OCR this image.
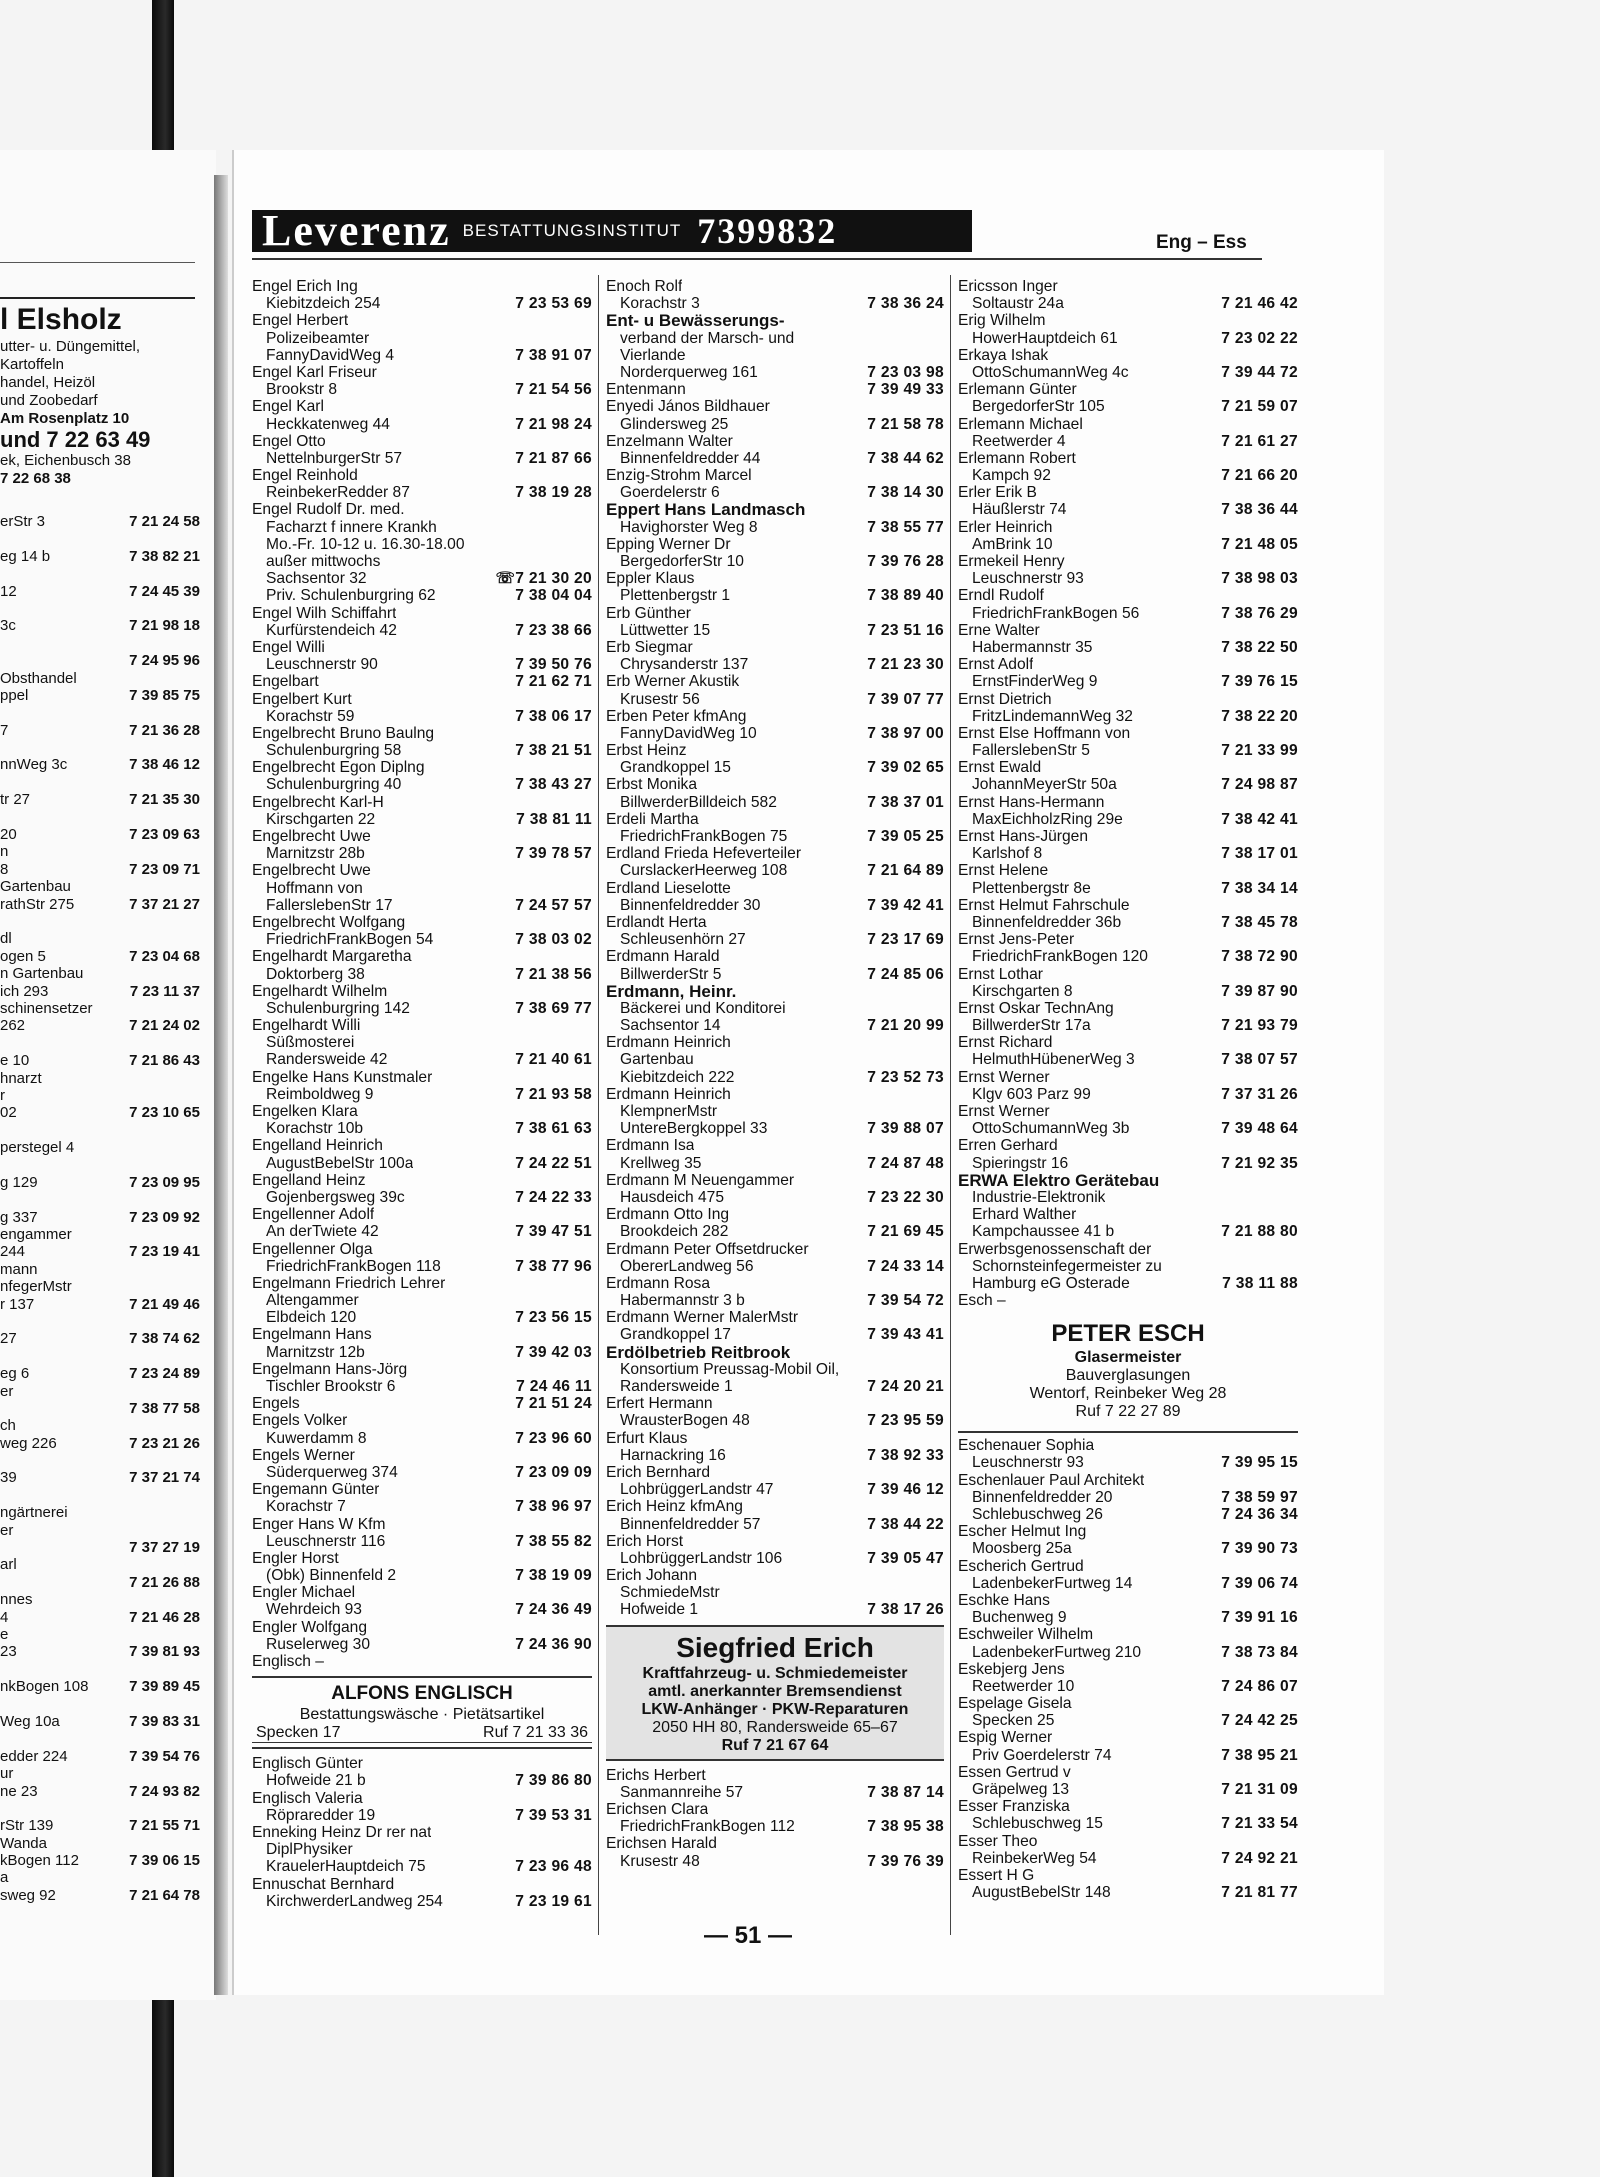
l Elsholz
utter- u. Düngemittel,
Kartoffeln
handel, Heizöl
und Zoobedarf
Am Rosenplatz 10
und 7 22 63 49
ek, Eichenbusch 38
7 22 68 38
erStr 3	7 21 24 58
eg 14 b	7 38 82 21
12	7 24 45 39
3c	7 21 98 18
7 24 95 96
Obsthandel
ppel	7 39 85 75
7	7 21 36 28
nnWeg 3c	7 38 46 12
tr 27	7 21 35 30
20	7 23 09 63
n
8	7 23 09 71
Gartenbau
rathStr 275	7 37 21 27
dl
ogen 5	7 23 04 68
n Gartenbau
ich 293	7 23 11 37
schinensetzer
262	7 21 24 02
e 10	7 21 86 43
hnarzt
r
02	7 23 10 65
perstegel 4
g 129	7 23 09 95
g 337	7 23 09 92
engammer
244	7 23 19 41
mann
nfegerMstr
r 137	7 21 49 46
27	7 38 74 62
eg 6	7 23 24 89
er
7 38 77 58
ch
weg 226	7 23 21 26
39	7 37 21 74
ngärtnerei
er
7 37 27 19
arl
7 21 26 88
nnes
4	7 21 46 28
e
23	7 39 81 93
nkBogen 108	7 39 89 45
Weg 10a	7 39 83 31
edder 224	7 39 54 76
ur
ne 23	7 24 93 82
rStr 139	7 21 55 71
Wanda
kBogen 112	7 39 06 15
a
sweg 92	7 21 64 78
Leverenz BESTATTUNGSINSTITUT 7399832	Eng – Ess
Engel Erich Ing
Kiebitzdeich 254	7 23 53 69
Engel Herbert
Polizeibeamter
FannyDavidWeg 4	7 38 91 07
Engel Karl Friseur
Brookstr 8	7 21 54 56
Engel Karl
Heckkatenweg 44	7 21 98 24
Engel Otto
NettelnburgerStr 57	7 21 87 66
Engel Reinhold
ReinbekerRedder 87	7 38 19 28
Engel Rudolf Dr. med.
Facharzt f innere Krankh
Mo.-Fr. 10-12 u. 16.30-18.00
außer mittwochs
Sachsentor 32	☏7 21 30 20
Priv. Schulenburgring 62	7 38 04 04
Engel Wilh Schiffahrt
Kurfürstendeich 42	7 23 38 66
Engel Willi
Leuschnerstr 90	7 39 50 76
Engelbart	7 21 62 71
Engelbert Kurt
Korachstr 59	7 38 06 17
Engelbrecht Bruno Baulng
Schulenburgring 58	7 38 21 51
Engelbrecht Egon Diplng
Schulenburgring 40	7 38 43 27
Engelbrecht Karl-H
Kirschgarten 22	7 38 81 11
Engelbrecht Uwe
Marnitzstr 28b	7 39 78 57
Engelbrecht Uwe
Hoffmann von
FallerslebenStr 17	7 24 57 57
Engelbrecht Wolfgang
FriedrichFrankBogen 54	7 38 03 02
Engelhardt Margaretha
Doktorberg 38	7 21 38 56
Engelhardt Wilhelm
Schulenburgring 142	7 38 69 77
Engelhardt Willi
Süßmosterei
Randersweide 42	7 21 40 61
Engelke Hans Kunstmaler
Reimboldweg 9	7 21 93 58
Engelken Klara
Korachstr 10b	7 38 61 63
Engelland Heinrich
AugustBebelStr 100a	7 24 22 51
Engelland Heinz
Gojenbergsweg 39c	7 24 22 33
Engellenner Adolf
An derTwiete 42	7 39 47 51
Engellenner Olga
FriedrichFrankBogen 118	7 38 77 96
Engelmann Friedrich Lehrer
Altengammer
Elbdeich 120	7 23 56 15
Engelmann Hans
Marnitzstr 12b	7 39 42 03
Engelmann Hans-Jörg
Tischler Brookstr 6	7 24 46 11
Engels	7 21 51 24
Engels Volker
Kuwerdamm 8	7 23 96 60
Engels Werner
Süderquerweg 374	7 23 09 09
Engemann Günter
Korachstr 7	7 38 96 97
Enger Hans W Kfm
Leuschnerstr 116	7 38 55 82
Engler Horst
(Obk) Binnenfeld 2	7 38 19 09
Engler Michael
Wehrdeich 93	7 24 36 49
Engler Wolfgang
Ruselerweg 30	7 24 36 90
Englisch –
ALFONS ENGLISCH
Bestattungswäsche · Pietätsartikel
Specken 17	Ruf 7 21 33 36
Englisch Günter
Hofweide 21 b	7 39 86 80
Englisch Valeria
Röpraredder 19	7 39 53 31
Enneking Heinz Dr rer nat
DiplPhysiker
KrauelerHauptdeich 75	7 23 96 48
Ennuschat Bernhard
KirchwerderLandweg 254	7 23 19 61
Enoch Rolf
Korachstr 3	7 38 36 24
Ent- u Bewässerungs-
verband der Marsch- und
Vierlande
Norderquerweg 161	7 23 03 98
Entenmann	7 39 49 33
Enyedi János Bildhauer
Glindersweg 25	7 21 58 78
Enzelmann Walter
Binnenfeldredder 44	7 38 44 62
Enzig-Strohm Marcel
Goerdelerstr 6	7 38 14 30
Eppert Hans Landmasch
Havighorster Weg 8	7 38 55 77
Epping Werner Dr
BergedorferStr 10	7 39 76 28
Eppler Klaus
Plettenbergstr 1	7 38 89 40
Erb Günther
Lüttwetter 15	7 23 51 16
Erb Siegmar
Chrysanderstr 137	7 21 23 30
Erb Werner Akustik
Krusestr 56	7 39 07 77
Erben Peter kfmAng
FannyDavidWeg 10	7 38 97 00
Erbst Heinz
Grandkoppel 15	7 39 02 65
Erbst Monika
BillwerderBilldeich 582	7 38 37 01
Erdeli Martha
FriedrichFrankBogen 75	7 39 05 25
Erdland Frieda Hefeverteiler
CurslackerHeerweg 108	7 21 64 89
Erdland Lieselotte
Binnenfeldredder 30	7 39 42 41
Erdlandt Herta
Schleusenhörn 27	7 23 17 69
Erdmann Harald
BillwerderStr 5	7 24 85 06
Erdmann, Heinr.
Bäckerei und Konditorei
Sachsentor 14	7 21 20 99
Erdmann Heinrich
Gartenbau
Kiebitzdeich 222	7 23 52 73
Erdmann Heinrich
KlempnerMstr
UntereBergkoppel 33	7 39 88 07
Erdmann Isa
Krellweg 35	7 24 87 48
Erdmann M Neuengammer
Hausdeich 475	7 23 22 30
Erdmann Otto Ing
Brookdeich 282	7 21 69 45
Erdmann Peter Offsetdrucker
ObererLandweg 56	7 24 33 14
Erdmann Rosa
Habermannstr 3 b	7 39 54 72
Erdmann Werner MalerMstr
Grandkoppel 17	7 39 43 41
Erdölbetrieb Reitbrook
Konsortium Preussag-Mobil Oil,
Randersweide 1	7 24 20 21
Erfert Hermann
WrausterBogen 48	7 23 95 59
Erfurt Klaus
Harnackring 16	7 38 92 33
Erich Bernhard
LohbrüggerLandstr 47	7 39 46 12
Erich Heinz kfmAng
Binnenfeldredder 57	7 38 44 22
Erich Horst
LohbrüggerLandstr 106	7 39 05 47
Erich Johann
SchmiedeMstr
Hofweide 1	7 38 17 26
Siegfried Erich
Kraftfahrzeug- u. Schmiedemeister
amtl. anerkannter Bremsendienst
LKW-Anhänger · PKW-Reparaturen
2050 HH 80, Randersweide 65–67
Ruf 7 21 67 64
Erichs Herbert
Sanmannreihe 57	7 38 87 14
Erichsen Clara
FriedrichFrankBogen 112	7 38 95 38
Erichsen Harald
Krusestr 48	7 39 76 39
Ericsson Inger
Soltaustr 24a	7 21 46 42
Erig Wilhelm
HowerHauptdeich 61	7 23 02 22
Erkaya Ishak
OttoSchumannWeg 4c	7 39 44 72
Erlemann Günter
BergedorferStr 105	7 21 59 07
Erlemann Michael
Reetwerder 4	7 21 61 27
Erlemann Robert
Kampch 92	7 21 66 20
Erler Erik B
Häußlerstr 74	7 38 36 44
Erler Heinrich
AmBrink 10	7 21 48 05
Ermekeil Henry
Leuschnerstr 93	7 38 98 03
Erndl Rudolf
FriedrichFrankBogen 56	7 38 76 29
Erne Walter
Habermannstr 35	7 38 22 50
Ernst Adolf
ErnstFinderWeg 9	7 39 76 15
Ernst Dietrich
FritzLindemannWeg 32	7 38 22 20
Ernst Else Hoffmann von
FallerslebenStr 5	7 21 33 99
Ernst Ewald
JohannMeyerStr 50a	7 24 98 87
Ernst Hans-Hermann
MaxEichholzRing 29e	7 38 42 41
Ernst Hans-Jürgen
Karlshof 8	7 38 17 01
Ernst Helene
Plettenbergstr 8e	7 38 34 14
Ernst Helmut Fahrschule
Binnenfeldredder 36b	7 38 45 78
Ernst Jens-Peter
FriedrichFrankBogen 120	7 38 72 90
Ernst Lothar
Kirschgarten 8	7 39 87 90
Ernst Oskar TechnAng
BillwerderStr 17a	7 21 93 79
Ernst Richard
HelmuthHübenerWeg 3	7 38 07 57
Ernst Werner
Klgv 603 Parz 99	7 37 31 26
Ernst Werner
OttoSchumannWeg 3b	7 39 48 64
Erren Gerhard
Spieringstr 16	7 21 92 35
ERWA Elektro Gerätebau
Industrie-Elektronik
Erhard Walther
Kampchaussee 41 b	7 21 88 80
Erwerbsgenossenschaft der
Schornsteinfegermeister zu
Hamburg eG Osterade	7 38 11 88
Esch –
PETER ESCH
Glasermeister
Bauverglasungen
Wentorf, Reinbeker Weg 28
Ruf 7 22 27 89
Eschenauer Sophia
Leuschnerstr 93	7 39 95 15
Eschenlauer Paul Architekt
Binnenfeldredder 20	7 38 59 97
Schlebuschweg 26	7 24 36 34
Escher Helmut Ing
Moosberg 25a	7 39 90 73
Escherich Gertrud
LadenbekerFurtweg 14	7 39 06 74
Eschke Hans
Buchenweg 9	7 39 91 16
Eschweiler Wilhelm
LadenbekerFurtweg 210	7 38 73 84
Eskebjerg Jens
Reetwerder 10	7 24 86 07
Espelage Gisela
Specken 25	7 24 42 25
Espig Werner
Priv Goerdelerstr 74	7 38 95 21
Essen Gertrud v
Gräpelweg 13	7 21 31 09
Esser Franziska
Schlebuschweg 15	7 21 33 54
Esser Theo
ReinbekerWeg 54	7 24 92 21
Essert H G
AugustBebelStr 148	7 21 81 77
— 51 —
